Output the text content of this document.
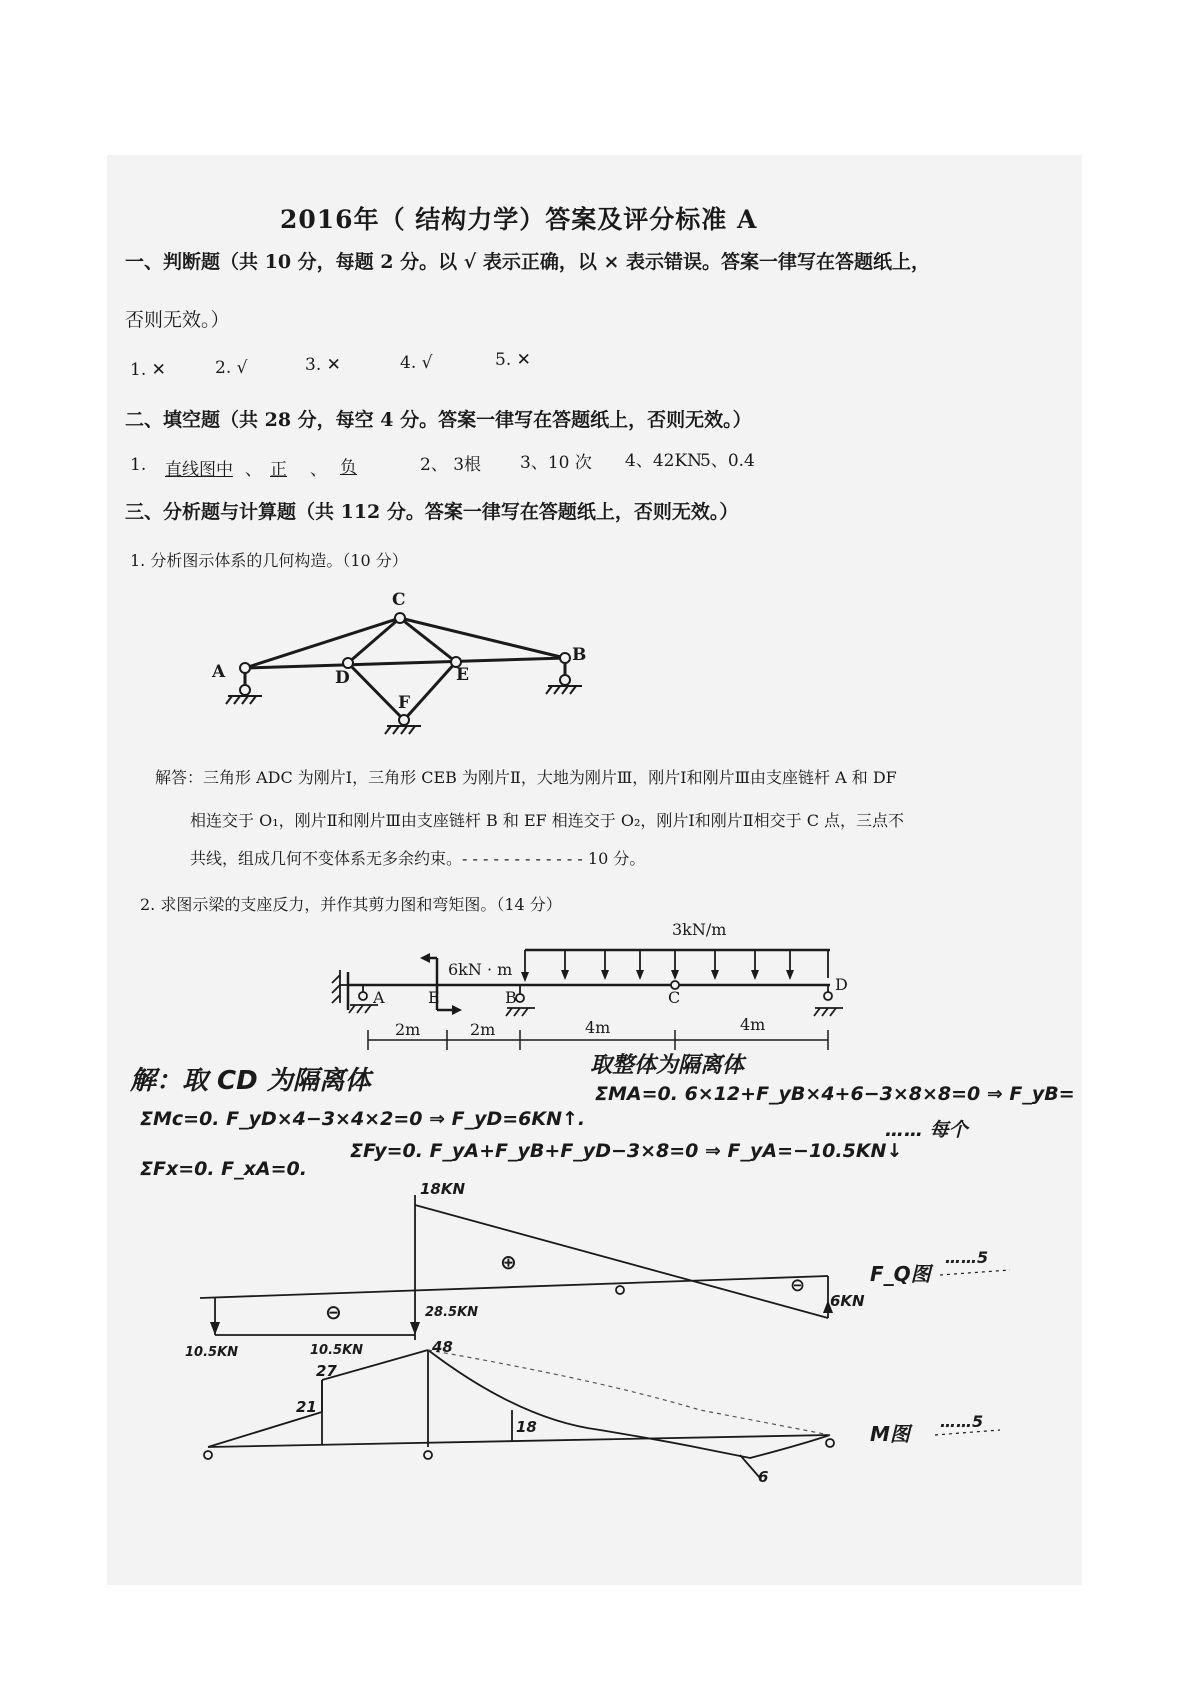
2016年（ 结构力学）答案及评分标准 A
一、判断题（共 10 分，每题 2 分。以 √ 表示正确，以 × 表示错误。答案一律写在答题纸上，
否则无效。）
1. ✕	2. √	3. ✕	4. √	5. ✕
二、填空题（共 28 分，每空 4 分。答案一律写在答题纸上，否则无效。）
1. 直线图中 、 正 、 负	2、 3根 3、10 次 4、42KN
5、0.4
三、分析题与计算题（共 112 分。答案一律写在答题纸上，否则无效。）
1. 分析图示体系的几何构造。（10 分）
C
A	D	E
B
F
解答：三角形 ADC 为刚片Ⅰ，三角形 CEB 为刚片Ⅱ，大地为刚片Ⅲ，刚片Ⅰ和刚片Ⅲ由支座链杆 A 和 DF
相连交于 O₁，刚片Ⅱ和刚片Ⅲ由支座链杆 B 和 EF 相连交于 O₂，刚片Ⅰ和刚片Ⅱ相交于 C 点，三点不
共线，组成几何不变体系无多余约束。- - - - - - - - - - - - 10 分。
2. 求图示梁的支座反力，并作其剪力图和弯矩图。（14 分）
3kN/m
6kN · m
A	E	B	C
D
2m	2m	4m	4m
解：取 CD 为隔离体
取整体为隔离体
ΣMc=0. F_yD×4−3×4×2=0 ⇒ F_yD=6KN↑.
ΣMA=0. 6×12+F_yB×4+6−3×8×8=0 ⇒ F_yB=
ΣFx=0. F_xA=0.
ΣFy=0. F_yA+F_yB+F_yD−3×8=0 ⇒ F_yA=−10.5KN↓
…… 每个
18KN
⊕
⊖
⊖
6KN
28.5KN
10.5KN	10.5KN
F_Q图
……5
21
27
48
18
6
M图
……5
